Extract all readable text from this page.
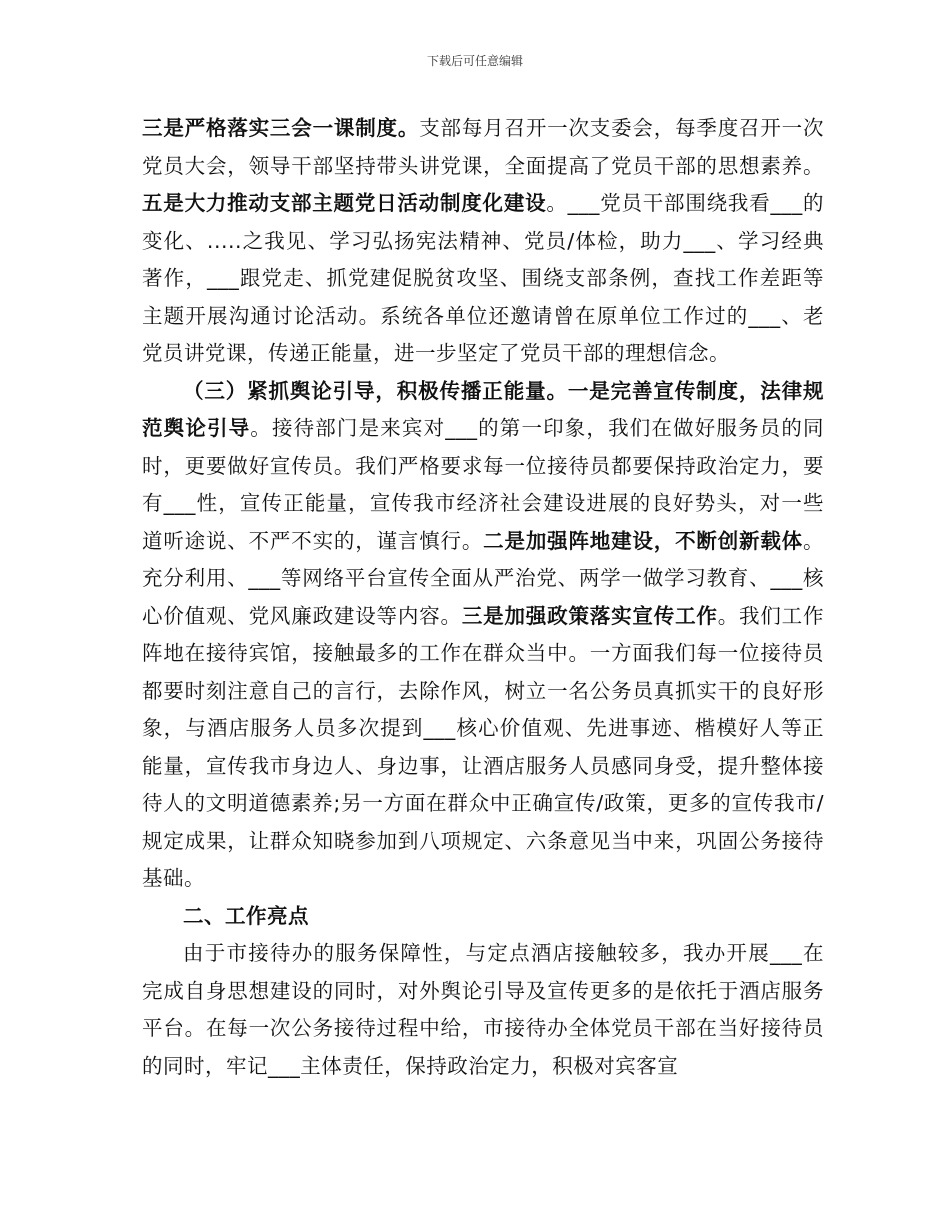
下载后可任意编辑

三是严格落实三会一课制度。支部每月召开一次支委会，每季度召开一次党员大会，领导干部坚持带头讲党课，全面提高了党员干部的思想素养。五是大力推动支部主题党日活动制度化建设。___党员干部围绕我看___的变化、.....之我见、学习弘扬宪法精神、党员/体检，助力___、学习经典著作，___跟党走、抓党建促脱贫攻坚、围绕支部条例，查找工作差距等主题开展沟通讨论活动。系统各单位还邀请曾在原单位工作过的___、老党员讲党课，传递正能量，进一步坚定了党员干部的理想信念。

（三）紧抓舆论引导，积极传播正能量。一是完善宣传制度，法律规范舆论引导。接待部门是来宾对___的第一印象，我们在做好服务员的同时，更要做好宣传员。我们严格要求每一位接待员都要保持政治定力，要有___性，宣传正能量，宣传我市经济社会建设进展的良好势头，对一些道听途说、不严不实的，谨言慎行。二是加强阵地建设，不断创新载体。充分利用、___等网络平台宣传全面从严治党、两学一做学习教育、___核心价值观、党风廉政建设等内容。三是加强政策落实宣传工作。我们工作阵地在接待宾馆，接触最多的工作在群众当中。一方面我们每一位接待员都要时刻注意自己的言行，去除作风，树立一名公务员真抓实干的良好形象，与酒店服务人员多次提到___核心价值观、先进事迹、楷模好人等正能量，宣传我市身边人、身边事，让酒店服务人员感同身受，提升整体接待人的文明道德素养;另一方面在群众中正确宣传/政策，更多的宣传我市/规定成果，让群众知晓参加到八项规定、六条意见当中来，巩固公务接待基础。

二、工作亮点

由于市接待办的服务保障性，与定点酒店接触较多，我办开展___在完成自身思想建设的同时，对外舆论引导及宣传更多的是依托于酒店服务平台。在每一次公务接待过程中给，市接待办全体党员干部在当好接待员的同时，牢记___主体责任，保持政治定力，积极对宾客宣
